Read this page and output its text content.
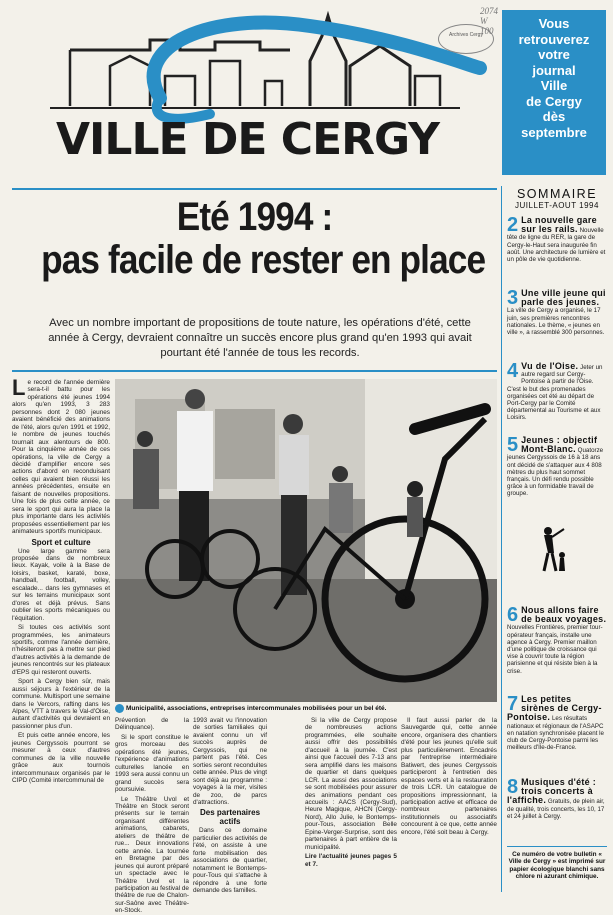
VILLE DE CERGY
Archives Cergy
2074 W 100	Vous
retrouverez
votre
journal
Ville
de Cergy
dès
septembre
Eté 1994 :
pas facile de rester en place
Avec un nombre important de propositions de toute nature, les opérations d'été, cette année à Cergy, devraient connaître un succès encore plus grand qu'en 1993 qui avait pourtant été l'année de tous les records.

Le record de l'année dernière sera-t-il battu pour les opérations été jeunes 1994 alors qu'en 1993, 3 283 personnes dont 2 080 jeunes avaient bénéficié des animations de l'été, alors qu'en 1991 et 1992, le nombre de jeunes touchés tournait aux alentours de 800. Pour la cinquième année de ces opérations, la ville de Cergy a décidé d'amplifier encore ses actions d'abord en reconduisant celles qui avaient bien réussi les années précédentes, ensuite en faisant de nouvelles propositions. Une fois de plus cette année, ce sera le sport qui aura la place la plus importante dans les activités proposées essentiellement par les animateurs sportifs municipaux.

Sport et culture

Une large gamme sera proposée dans de nombreux lieux. Kayak, voile à la Base de loisirs, basket, karaté, boxe, handball, football, volley, escalade... dans les gymnases et sur les terrains municipaux sont d'ores et déjà prévus. Sans oublier les sports mécaniques ou l'équitation.

Si toutes ces activités sont programmées, les animateurs sportifs, comme l'année dernière, n'hésiteront pas à mettre sur pied d'autres activités à la demande de jeunes rencontrés sur les plateaux d'EPS qui resteront ouverts.

Sport à Cergy bien sûr, mais aussi séjours à l'extérieur de la commune. Multisport une semaine dans le Vercors, rafting dans les Alpes, VTT à travers le Val-d'Oise, autant d'activités qui devraient en passionner plus d'un.

Et puis cette année encore, les jeunes Cergyssois pourront se mesurer à ceux d'autres communes de la ville nouvelle grâce aux tournois intercommunaux organisés par le CIPD (Comité intercommunal de

Municipalité, associations, entreprises intercommunales mobilisées pour un bel été.

Prévention de la Délinquance).

Si le sport constitue le gros morceau des opérations été jeunes, l'expérience d'animations culturelles lancée en 1993 sera aussi connu un grand succès sera poursuivie.

Le Théâtre Uvol et Théâtre en Stock seront présents sur le terrain organisant différentes animations, cabarets, ateliers de théâtre de rue... Deux innovations cette année. La tournée en Bretagne par des jeunes qui auront préparé un spectacle avec le Théâtre Uvol et la participation au festival de théâtre de rue de Chalon-sur-Saône avec Théâtre-en-Stock.

1993 avait vu l'innovation de sorties familiales qui avaient connu un vif succès auprès de Cergyssois, qui ne partent pas l'été. Ces sorties seront reconduites cette année. Plus de vingt sont déjà au programme : voyages à la mer, visites de zoo, de parcs d'attractions.

Des partenaires actifs

Dans ce domaine particulier des activités de l'été, on assiste à une forte mobilisation des associations de quartier, notamment le Bontemps-pour-Tous qui s'attache à répondre à une forte demande des familles.

Si la ville de Cergy propose de nombreuses actions programmées, elle souhaite aussi offrir des possibilités d'accueil à la journée. C'est ainsi que l'accueil des 7-13 ans sera amplifié dans les maisons de quartier et dans quelques LCR. La aussi des associations se sont mobilisées pour assurer des animations pendant ces accueils : AACS (Cergy-Sud), Heure Magique, AHCN (Cergy-Nord), Allo Julie, le Bontemps-pour-Tous, association Belle Epine-Verger-Surprise, sont des partenaires à part entière de la municipalité.

Lire l'actualité jeunes pages 5 et 7.

Il faut aussi parler de la Sauvegarde qui, cette année encore, organisera des chantiers d'été pour les jeunes qu'elle suit plus particulièrement. Encadrés par l'entreprise intermédiaire Batiwert, des jeunes Cergyssois participeront à l'entretien des espaces verts et à la restauration de trois LCR. Un catalogue de propositions impressionnant, la participation active et efficace de nombreux partenaires institutionnels ou associatifs concourent à ce que, cette année encore, l'été soit beau à Cergy.

SOMMAIRE
JUILLET-AOUT 1994
2 La nouvelle gare sur les rails. Nouvelle tête de ligne du RER, la gare de Cergy-le-Haut sera inaugurée fin août. Une architecture de lumière et un pôle de vie quotidienne.
3 Une ville jeune qui parle des jeunes. La ville de Cergy a organisé, le 17 juin, ses premières rencontres nationales. Le thème, « jeunes en ville », a rassemblé 300 personnes.
4 Vu de l'Oise. Jeter un autre regard sur Cergy-Pontoise à partir de l'Oise. C'est le but des promenades organisées cet été au départ de Port-Cergy par le Comité départemental au Tourisme et aux Loisirs.
5 Jeunes : objectif Mont-Blanc. Quatorze jeunes Cergyssois de 16 à 18 ans ont décidé de s'attaquer aux 4 808 mètres du plus haut sommet français. Un défi rendu possible grâce à un formidable travail de groupe.
6 Nous allons faire de beaux voyages. Nouvelles Frontières, premier tour-opérateur français, installe une agence à Cergy. Premier maillon d'une politique de croissance qui vise à couvrir toute la région parisienne et qui résiste bien à la crise.
7 Les petites sirènes de Cergy-Pontoise. Les résultats nationaux et régionaux de l'ASAPC en natation synchronisée placent le club de Cergy-Pontoise parmi les meilleurs d'Ile-de-France.
8 Musiques d'été : trois concerts à l'affiche. Gratuits, de plein air, de qualité, trois concerts, les 10, 17 et 24 juillet à Cergy.
Ce numéro de votre bulletin « Ville de Cergy » est imprimé sur papier écologique blanchi sans chlore ni azurant chimique.
